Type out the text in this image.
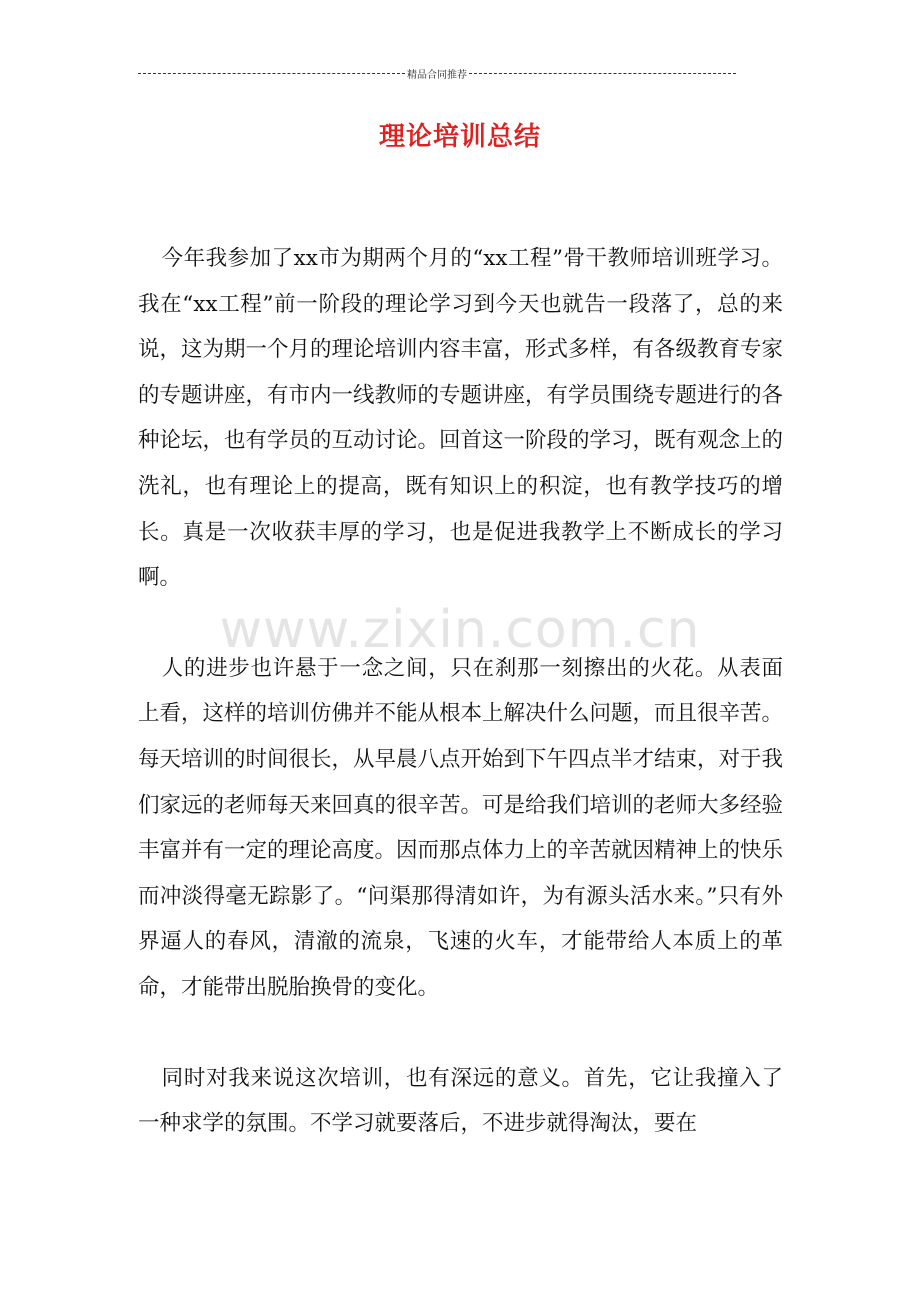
精品合同推荐
理论培训总结

今年我参加了xx市为期两个月的“xx工程”骨干教师培训班学习。我在“xx工程”前一阶段的理论学习到今天也就告一段落了，总的来说，这为期一个月的理论培训内容丰富，形式多样，有各级教育专家的专题讲座，有市内一线教师的专题讲座，有学员围绕专题进行的各种论坛，也有学员的互动讨论。回首这一阶段的学习，既有观念上的洗礼，也有理论上的提高，既有知识上的积淀，也有教学技巧的增长。真是一次收获丰厚的学习，也是促进我教学上不断成长的学习啊。

人的进步也许悬于一念之间，只在刹那一刻擦出的火花。从表面上看，这样的培训仿佛并不能从根本上解决什么问题，而且很辛苦。每天培训的时间很长，从早晨八点开始到下午四点半才结束，对于我们家远的老师每天来回真的很辛苦。可是给我们培训的老师大多经验丰富并有一定的理论高度。因而那点体力上的辛苦就因精神上的快乐而冲淡得毫无踪影了。“问渠那得清如许，为有源头活水来。”只有外界逼人的春风，清澈的流泉，飞速的火车，才能带给人本质上的革命，才能带出脱胎换骨的变化。

同时对我来说这次培训，也有深远的意义。首先，它让我撞入了一种求学的氛围。不学习就要落后，不进步就得淘汰，要在

www.zixin.com.cn
